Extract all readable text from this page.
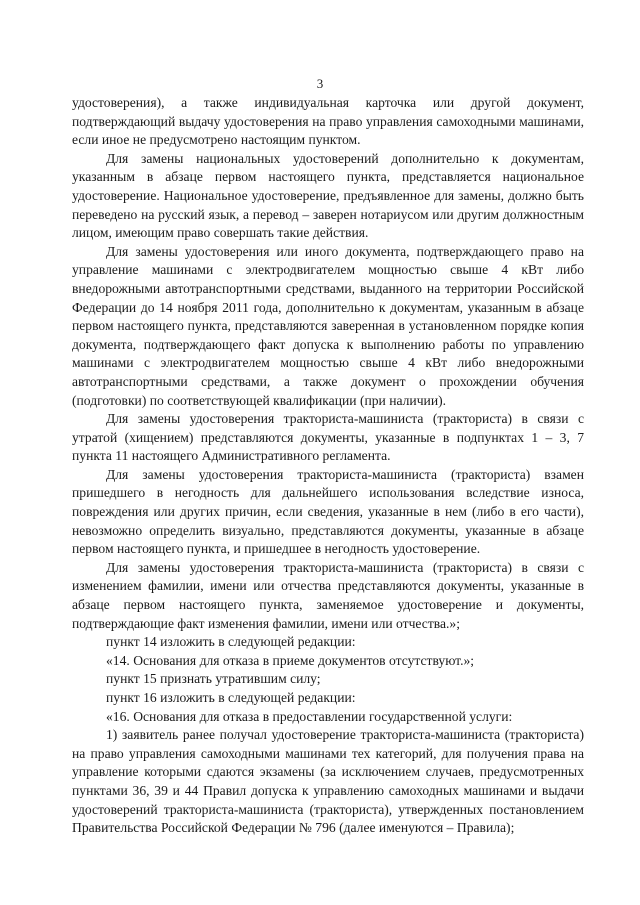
3

удостоверения), а также индивидуальная карточка или другой документ, подтверждающий выдачу удостоверения на право управления самоходными машинами, если иное не предусмотрено настоящим пунктом.

Для замены национальных удостоверений дополнительно к документам, указанным в абзаце первом настоящего пункта, представляется национальное удостоверение. Национальное удостоверение, предъявленное для замены, должно быть переведено на русский язык, а перевод – заверен нотариусом или другим должностным лицом, имеющим право совершать такие действия.

Для замены удостоверения или иного документа, подтверждающего право на управление машинами с электродвигателем мощностью свыше 4 кВт либо внедорожными автотранспортными средствами, выданного на территории Российской Федерации до 14 ноября 2011 года, дополнительно к документам, указанным в абзаце первом настоящего пункта, представляются заверенная в установленном порядке копия документа, подтверждающего факт допуска к выполнению работы по управлению машинами с электродвигателем мощностью свыше 4 кВт либо внедорожными автотранспортными средствами, а также документ о прохождении обучения (подготовки) по соответствующей квалификации (при наличии).

Для замены удостоверения тракториста-машиниста (тракториста) в связи с утратой (хищением) представляются документы, указанные в подпунктах 1 – 3, 7 пункта 11 настоящего Административного регламента.

Для замены удостоверения тракториста-машиниста (тракториста) взамен пришедшего в негодность для дальнейшего использования вследствие износа, повреждения или других причин, если сведения, указанные в нем (либо в его части), невозможно определить визуально, представляются документы, указанные в абзаце первом настоящего пункта, и пришедшее в негодность удостоверение.

Для замены удостоверения тракториста-машиниста (тракториста) в связи с изменением фамилии, имени или отчества представляются документы, указанные в абзаце первом настоящего пункта, заменяемое удостоверение и документы, подтверждающие факт изменения фамилии, имени или отчества.»;

пункт 14 изложить в следующей редакции:

«14. Основания для отказа в приеме документов отсутствуют.»;

пункт 15 признать утратившим силу;

пункт 16 изложить в следующей редакции:

«16. Основания для отказа в предоставлении государственной услуги:

1) заявитель ранее получал удостоверение тракториста-машиниста (тракториста) на право управления самоходными машинами тех категорий, для получения права на управление которыми сдаются экзамены (за исключением случаев, предусмотренных пунктами 36, 39 и 44 Правил допуска к управлению самоходных машинами и выдачи удостоверений тракториста-машиниста (тракториста), утвержденных постановлением Правительства Российской Федерации № 796 (далее именуются – Правила);
